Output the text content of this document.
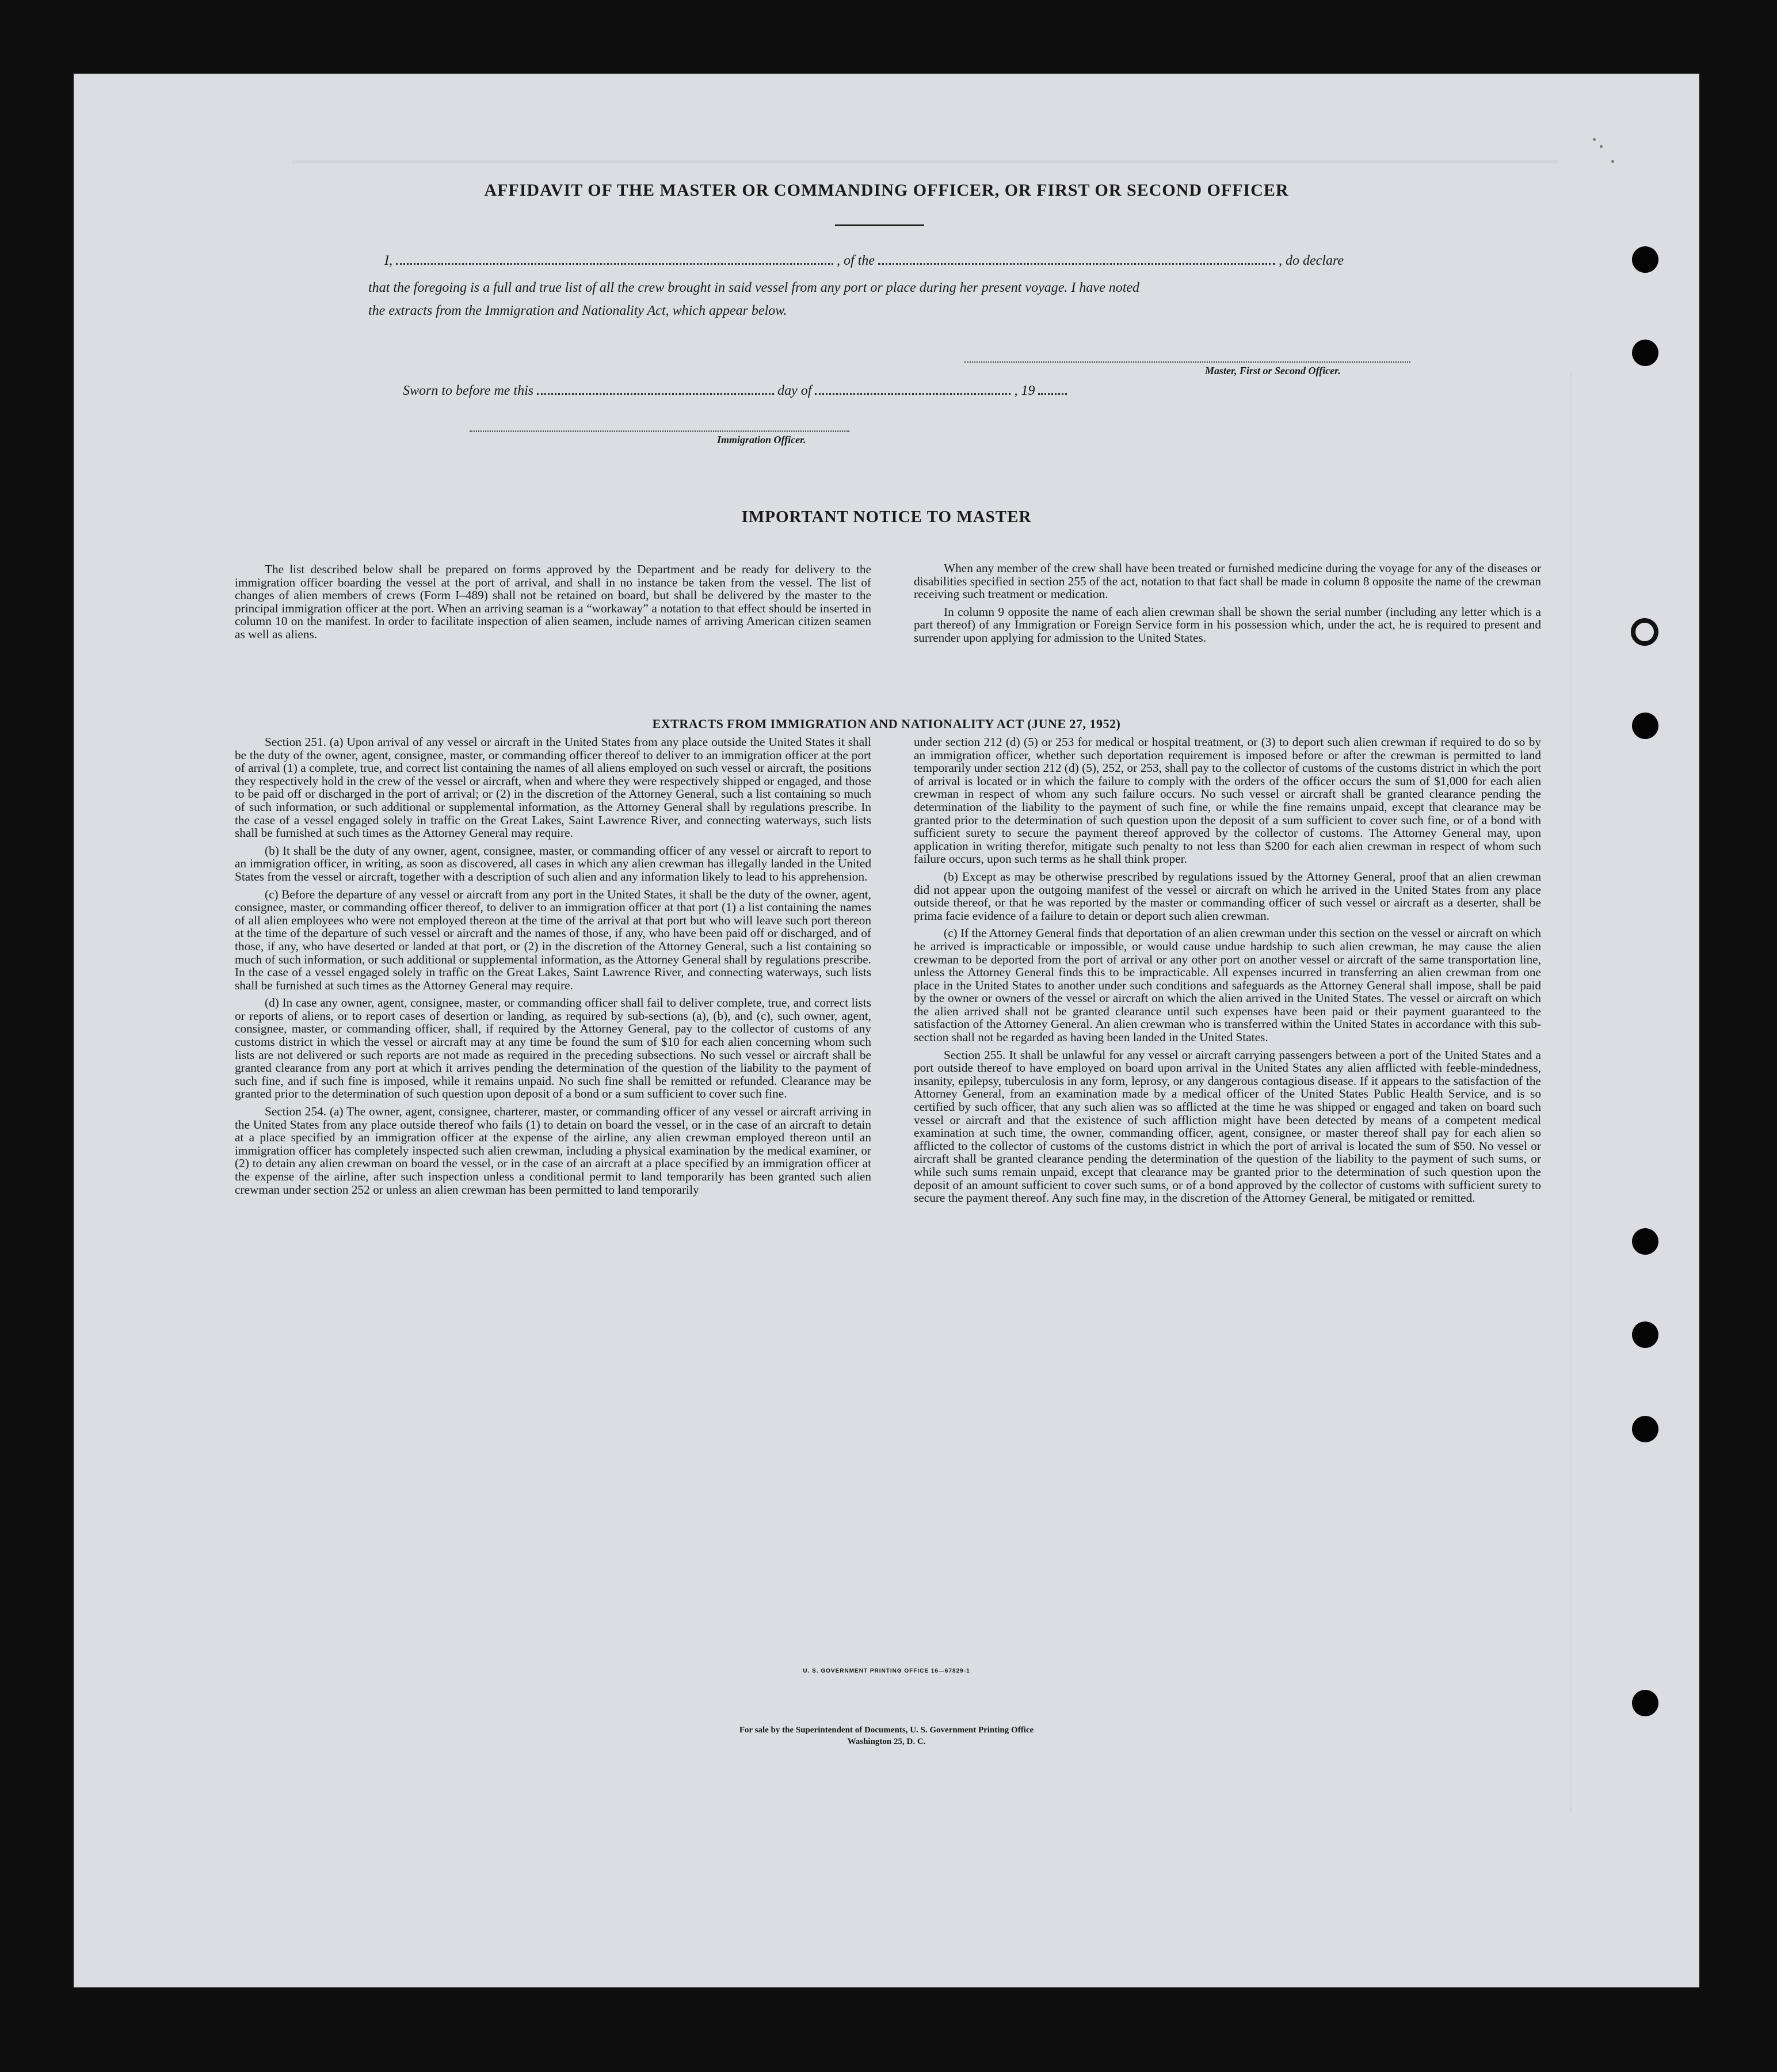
AFFIDAVIT OF THE MASTER OR COMMANDING OFFICER, OR FIRST OR SECOND OFFICER
I,	, of the	, do declare
that the foregoing is a full and true list of all the crew brought in said vessel from any port or place during her present voyage. I have noted
the extracts from the Immigration and Nationality Act, which appear below.
Master, First or Second Officer.
Sworn to before me this	day of	, 19
Immigration Officer.
IMPORTANT NOTICE TO MASTER

The list described below shall be prepared on forms approved by the Department and be ready for delivery to the immigration officer boarding the vessel at the port of arrival, and shall in no instance be taken from the vessel. The list of changes of alien members of crews (Form I–489) shall not be retained on board, but shall be delivered by the master to the principal immigration officer at the port. When an arriving seaman is a “workaway” a notation to that effect should be inserted in column 10 on the manifest. In order to facilitate inspection of alien seamen, include names of arriving American citizen seamen as well as aliens.

When any member of the crew shall have been treated or furnished medicine during the voyage for any of the diseases or disabilities specified in section 255 of the act, notation to that fact shall be made in column 8 opposite the name of the crewman receiving such treatment or medication.

In column 9 opposite the name of each alien crewman shall be shown the serial number (including any letter which is a part thereof) of any Immigration or Foreign Service form in his possession which, under the act, he is required to present and surrender upon applying for admission to the United States.

EXTRACTS FROM IMMIGRATION AND NATIONALITY ACT (JUNE 27, 1952)

Section 251. (a) Upon arrival of any vessel or aircraft in the United States from any place outside the United States it shall be the duty of the owner, agent, consignee, master, or commanding officer thereof to deliver to an immigration officer at the port of arrival (1) a complete, true, and correct list containing the names of all aliens employed on such vessel or aircraft, the positions they respectively hold in the crew of the vessel or aircraft, when and where they were respectively shipped or engaged, and those to be paid off or discharged in the port of arrival; or (2) in the discretion of the Attorney General, such a list containing so much of such information, or such additional or supplemental information, as the Attorney General shall by regulations prescribe. In the case of a vessel engaged solely in traffic on the Great Lakes, Saint Lawrence River, and connecting waterways, such lists shall be furnished at such times as the Attorney General may require.

(b) It shall be the duty of any owner, agent, consignee, master, or commanding officer of any vessel or aircraft to report to an immigration officer, in writing, as soon as discovered, all cases in which any alien crewman has illegally landed in the United States from the vessel or aircraft, together with a description of such alien and any information likely to lead to his apprehension.

(c) Before the departure of any vessel or aircraft from any port in the United States, it shall be the duty of the owner, agent, consignee, master, or commanding officer thereof, to deliver to an immigration officer at that port (1) a list containing the names of all alien employees who were not employed thereon at the time of the arrival at that port but who will leave such port thereon at the time of the departure of such vessel or aircraft and the names of those, if any, who have been paid off or discharged, and of those, if any, who have deserted or landed at that port, or (2) in the discretion of the Attorney General, such a list containing so much of such information, or such additional or supplemental information, as the Attorney General shall by regulations prescribe. In the case of a vessel engaged solely in traffic on the Great Lakes, Saint Lawrence River, and connecting waterways, such lists shall be furnished at such times as the Attorney General may require.

(d) In case any owner, agent, consignee, master, or commanding officer shall fail to deliver complete, true, and correct lists or reports of aliens, or to report cases of desertion or landing, as required by sub-sections (a), (b), and (c), such owner, agent, consignee, master, or commanding officer, shall, if required by the Attorney General, pay to the collector of customs of any customs district in which the vessel or aircraft may at any time be found the sum of $10 for each alien concerning whom such lists are not delivered or such reports are not made as required in the preceding subsections. No such vessel or aircraft shall be granted clearance from any port at which it arrives pending the determination of the question of the liability to the payment of such fine, and if such fine is imposed, while it remains unpaid. No such fine shall be remitted or refunded. Clearance may be granted prior to the determination of such question upon deposit of a bond or a sum sufficient to cover such fine.

Section 254. (a) The owner, agent, consignee, charterer, master, or commanding officer of any vessel or aircraft arriving in the United States from any place outside thereof who fails (1) to detain on board the vessel, or in the case of an aircraft to detain at a place specified by an immigration officer at the expense of the airline, any alien crewman employed thereon until an immigration officer has completely inspected such alien crewman, including a physical examination by the medical examiner, or (2) to detain any alien crewman on board the vessel, or in the case of an aircraft at a place specified by an immigration officer at the expense of the airline, after such inspection unless a conditional permit to land temporarily has been granted such alien crewman under section 252 or unless an alien crewman has been permitted to land temporarily

under section 212 (d) (5) or 253 for medical or hospital treatment, or (3) to deport such alien crewman if required to do so by an immigration officer, whether such deportation requirement is imposed before or after the crewman is permitted to land temporarily under section 212 (d) (5), 252, or 253, shall pay to the collector of customs of the customs district in which the port of arrival is located or in which the failure to comply with the orders of the officer occurs the sum of $1,000 for each alien crewman in respect of whom any such failure occurs. No such vessel or aircraft shall be granted clearance pending the determination of the liability to the payment of such fine, or while the fine remains unpaid, except that clearance may be granted prior to the determination of such question upon the deposit of a sum sufficient to cover such fine, or of a bond with sufficient surety to secure the payment thereof approved by the collector of customs. The Attorney General may, upon application in writing therefor, mitigate such penalty to not less than $200 for each alien crewman in respect of whom such failure occurs, upon such terms as he shall think proper.

(b) Except as may be otherwise prescribed by regulations issued by the Attorney General, proof that an alien crewman did not appear upon the outgoing manifest of the vessel or aircraft on which he arrived in the United States from any place outside thereof, or that he was reported by the master or commanding officer of such vessel or aircraft as a deserter, shall be prima facie evidence of a failure to detain or deport such alien crewman.

(c) If the Attorney General finds that deportation of an alien crewman under this section on the vessel or aircraft on which he arrived is impracticable or impossible, or would cause undue hardship to such alien crewman, he may cause the alien crewman to be deported from the port of arrival or any other port on another vessel or aircraft of the same transportation line, unless the Attorney General finds this to be impracticable. All expenses incurred in transferring an alien crewman from one place in the United States to another under such conditions and safeguards as the Attorney General shall impose, shall be paid by the owner or owners of the vessel or aircraft on which the alien arrived in the United States. The vessel or aircraft on which the alien arrived shall not be granted clearance until such expenses have been paid or their payment guaranteed to the satisfaction of the Attorney General. An alien crewman who is transferred within the United States in accordance with this sub-section shall not be regarded as having been landed in the United States.

Section 255. It shall be unlawful for any vessel or aircraft carrying passengers between a port of the United States and a port outside thereof to have employed on board upon arrival in the United States any alien afflicted with feeble-mindedness, insanity, epilepsy, tuberculosis in any form, leprosy, or any dangerous contagious disease. If it appears to the satisfaction of the Attorney General, from an examination made by a medical officer of the United States Public Health Service, and is so certified by such officer, that any such alien was so afflicted at the time he was shipped or engaged and taken on board such vessel or aircraft and that the existence of such affliction might have been detected by means of a competent medical examination at such time, the owner, commanding officer, agent, consignee, or master thereof shall pay for each alien so afflicted to the collector of customs of the customs district in which the port of arrival is located the sum of $50. No vessel or aircraft shall be granted clearance pending the determination of the question of the liability to the payment of such sums, or while such sums remain unpaid, except that clearance may be granted prior to the determination of such question upon the deposit of an amount sufficient to cover such sums, or of a bond approved by the collector of customs with sufficient surety to secure the payment thereof. Any such fine may, in the discretion of the Attorney General, be mitigated or remitted.

U. S. GOVERNMENT PRINTING OFFICE 16—67829-1
For sale by the Superintendent of Documents, U. S. Government Printing Office
Washington 25, D. C.
